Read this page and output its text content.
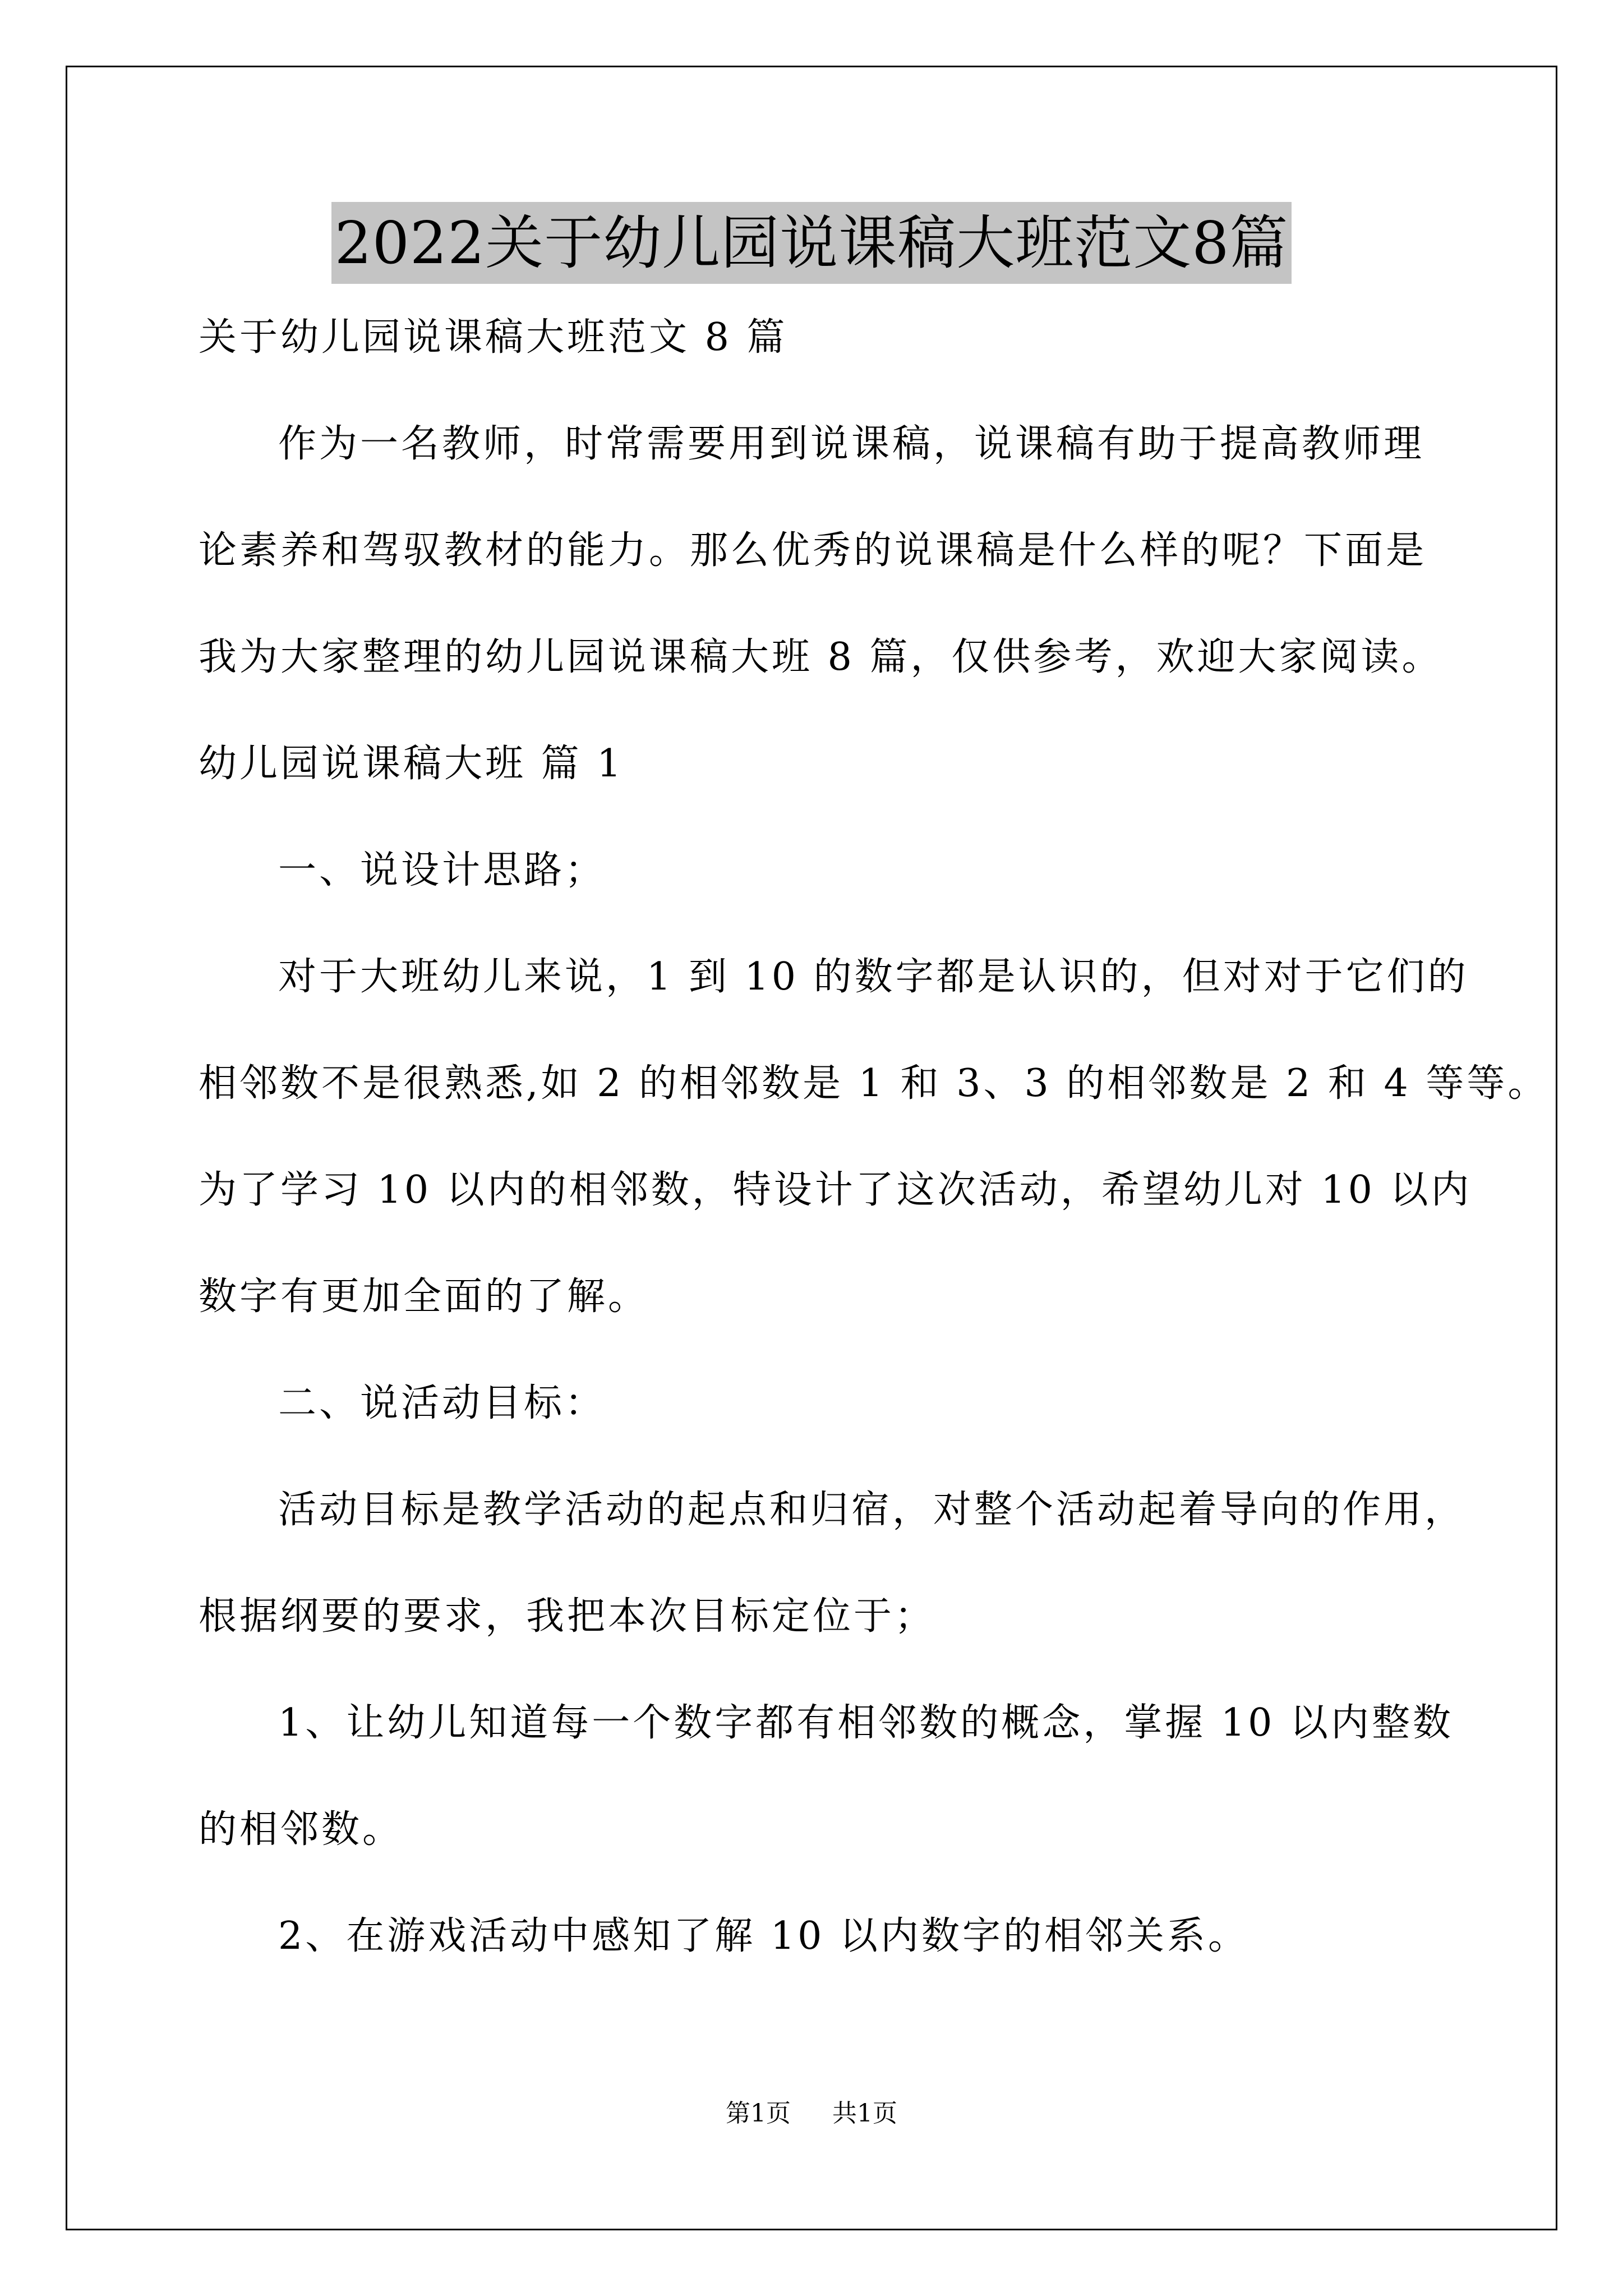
2022关于幼儿园说课稿大班范文8篇

关于幼儿园说课稿大班范文 8 篇

作为一名教师，时常需要用到说课稿，说课稿有助于提高教师理

论素养和驾驭教材的能力。那么优秀的说课稿是什么样的呢？下面是

我为大家整理的幼儿园说课稿大班 8 篇，仅供参考，欢迎大家阅读。

幼儿园说课稿大班 篇 1

一、说设计思路；

对于大班幼儿来说，1 到 10 的数字都是认识的，但对对于它们的

相邻数不是很熟悉,如 2 的相邻数是 1 和 3、3 的相邻数是 2 和 4 等等。

为了学习 10 以内的相邻数，特设计了这次活动，希望幼儿对 10 以内

数字有更加全面的了解。

二、说活动目标：

活动目标是教学活动的起点和归宿，对整个活动起着导向的作用，

根据纲要的要求，我把本次目标定位于；

1、让幼儿知道每一个数字都有相邻数的概念，掌握 10 以内整数

的相邻数。

2、在游戏活动中感知了解 10 以内数字的相邻关系。

第1页 共1页
